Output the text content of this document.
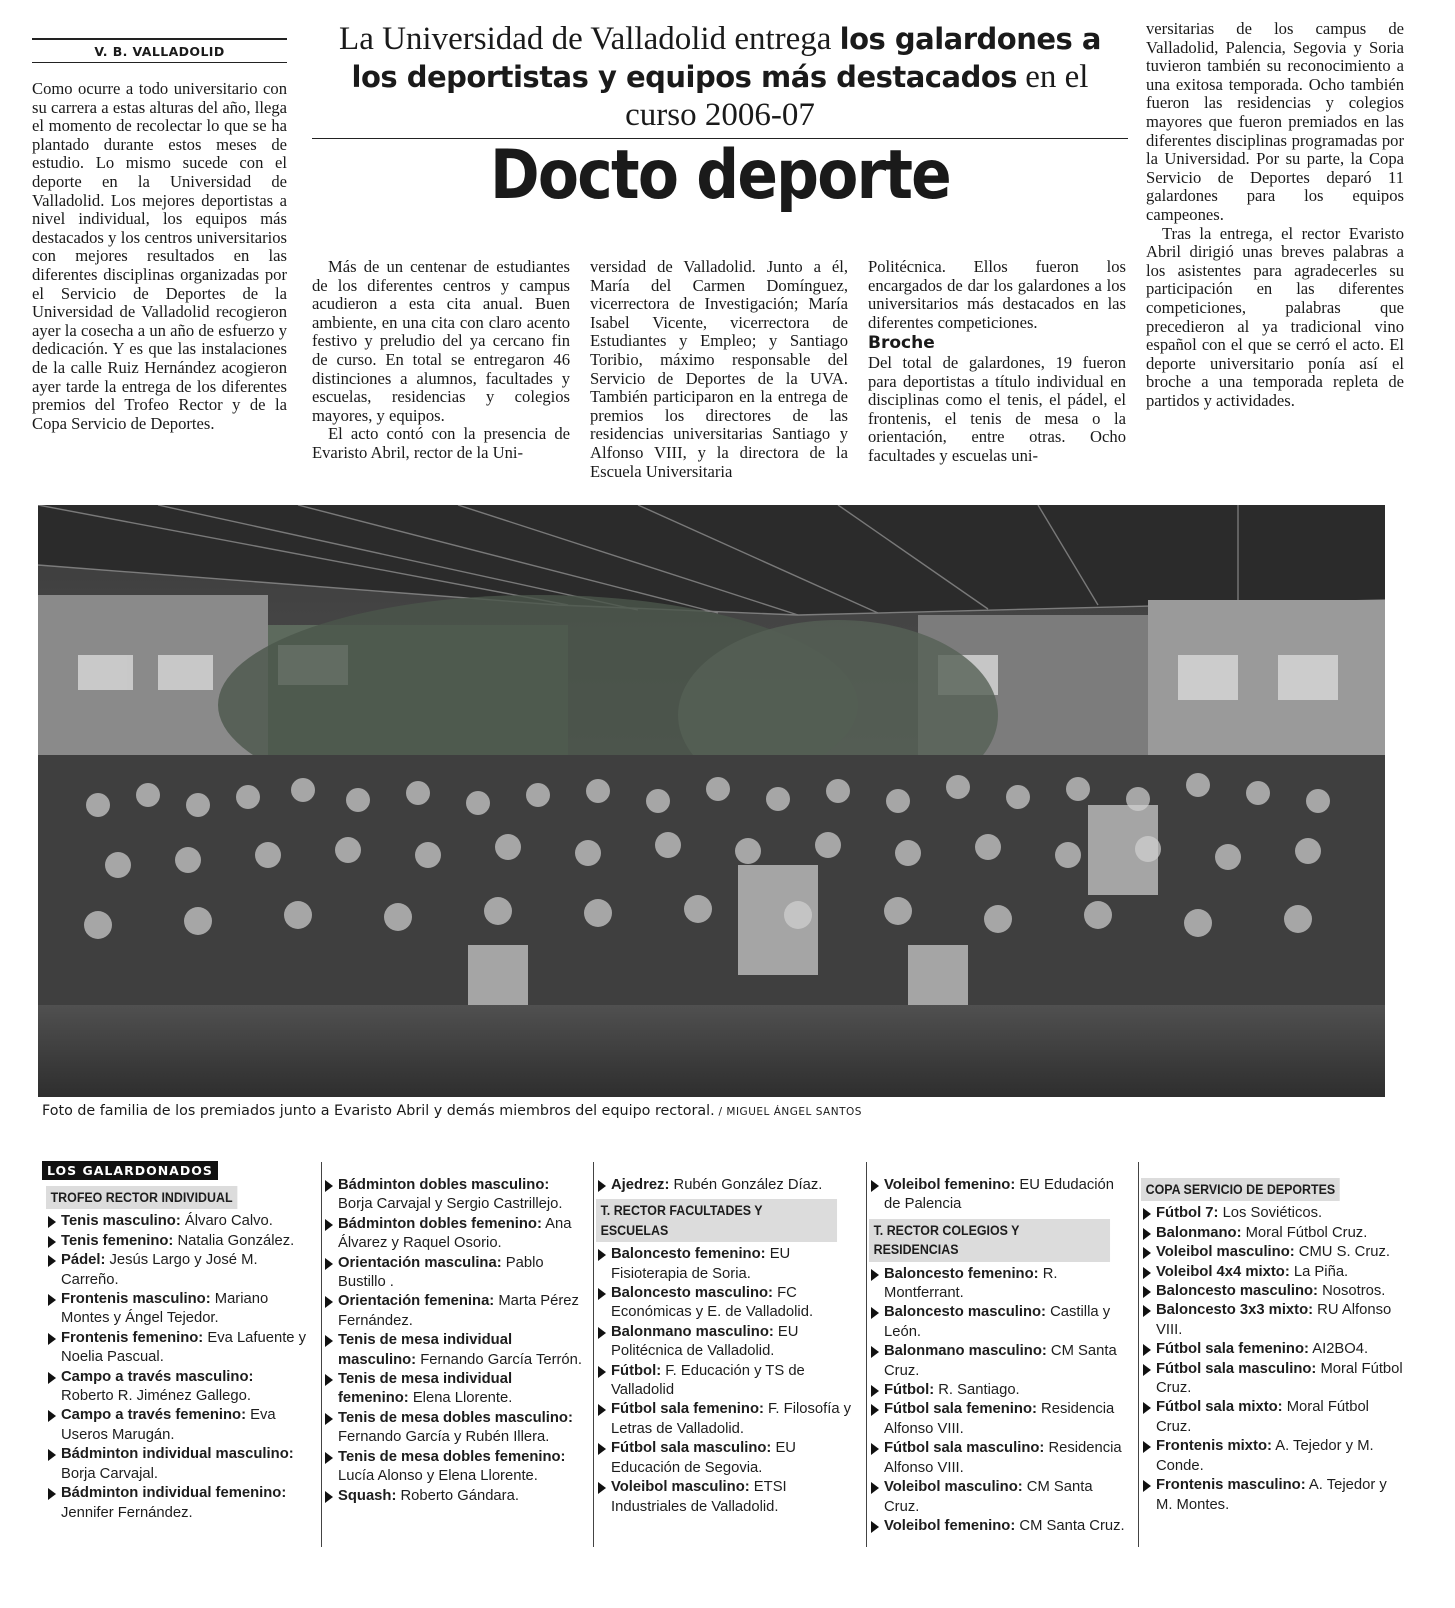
V. B. VALLADOLID	La Universidad de Valladolid entrega los galardones a los deportistas y equipos más destacados en el curso 2006-07
Docto deporte

Como ocurre a todo universitario con su carrera a estas alturas del año, llega el momento de recolectar lo que se ha plantado durante estos meses de estudio. Lo mismo sucede con el deporte en la Universidad de Valladolid. Los mejores deportistas a nivel individual, los equipos más destacados y los centros universitarios con mejores resultados en las diferentes disciplinas organizadas por el Servicio de Deportes de la Universidad de Valladolid recogieron ayer la cosecha a un año de esfuerzo y dedicación. Y es que las instalaciones de la calle Ruiz Hernández acogieron ayer tarde la entrega de los diferentes premios del Trofeo Rector y de la Copa Servicio de Deportes.

Más de un centenar de estudiantes de los diferentes centros y campus acudieron a esta cita anual. Buen ambiente, en una cita con claro acento festivo y preludio del ya cercano fin de curso. En total se entregaron 46 distinciones a alumnos, facultades y escuelas, residencias y colegios mayores, y equipos.

El acto contó con la presencia de Evaristo Abril, rector de la Uni-

versidad de Valladolid. Junto a él, María del Carmen Domínguez, vicerrectora de Investigación; María Isabel Vicente, vicerrectora de Estudiantes y Empleo; y Santiago Toribio, máximo responsable del Servicio de Deportes de la UVA. También participaron en la entrega de premios los directores de las residencias universitarias Santiago y Alfonso VIII, y la directora de la Escuela Universitaria

Politécnica. Ellos fueron los encargados de dar los galardones a los universitarios más destacados en las diferentes competiciones.

Broche

Del total de galardones, 19 fueron para deportistas a título individual en disciplinas como el tenis, el pádel, el frontenis, el tenis de mesa o la orientación, entre otras. Ocho facultades y escuelas uni-

versitarias de los campus de Valladolid, Palencia, Segovia y Soria tuvieron también su reconocimiento a una exitosa temporada. Ocho también fueron las residencias y colegios mayores que fueron premiados en las diferentes disciplinas programadas por la Universidad. Por su parte, la Copa Servicio de Deportes deparó 11 galardones para los equipos campeones.

Tras la entrega, el rector Evaristo Abril dirigió unas breves palabras a los asistentes para agradecerles su participación en las diferentes competiciones, palabras que precedieron al ya tradicional vino español con el que se cerró el acto. El deporte universitario ponía así el broche a una temporada repleta de partidos y actividades.

Foto de familia de los premiados junto a Evaristo Abril y demás miembros del equipo rectoral. / MIGUEL ÁNGEL SANTOS
LOS GALARDONADOS
TROFEO RECTOR INDIVIDUAL
Tenis masculino: Álvaro Calvo.
Tenis femenino: Natalia González.
Pádel: Jesús Largo y José M. Carreño.
Frontenis masculino: Mariano Montes y Ángel Tejedor.
Frontenis femenino: Eva Lafuente y Noelia Pascual.
Campo a través masculino: Roberto R. Jiménez Gallego.
Campo a través femenino: Eva Useros Marugán.
Bádminton individual masculino: Borja Carvajal.
Bádminton individual femenino: Jennifer Fernández.
Bádminton dobles masculino: Borja Carvajal y Sergio Castrillejo.
Bádminton dobles femenino: Ana Álvarez y Raquel Osorio.
Orientación masculina: Pablo Bustillo .
Orientación femenina: Marta Pérez Fernández.
Tenis de mesa individual masculino: Fernando García Terrón.
Tenis de mesa individual femenino: Elena Llorente.
Tenis de mesa dobles masculino: Fernando García y Rubén Illera.
Tenis de mesa dobles femenino: Lucía Alonso y Elena Llorente.
Squash: Roberto Gándara.
Ajedrez: Rubén González Díaz.
T. RECTOR FACULTADES Y ESCUELAS
Baloncesto femenino: EU Fisioterapia de Soria.
Baloncesto masculino: FC Económicas y E. de Valladolid.
Balonmano masculino: EU Politécnica de Valladolid.
Fútbol: F. Educación y TS de Valladolid
Fútbol sala femenino: F. Filosofía y Letras de Valladolid.
Fútbol sala masculino: EU Educación de Segovia.
Voleibol masculino: ETSI Industriales de Valladolid.
Voleibol femenino: EU Edudación de Palencia
T. RECTOR COLEGIOS Y RESIDENCIAS
Baloncesto femenino: R. Montferrant.
Baloncesto masculino: Castilla y León.
Balonmano masculino: CM Santa Cruz.
Fútbol: R. Santiago.
Fútbol sala femenino: Residencia Alfonso VIII.
Fútbol sala masculino: Residencia Alfonso VIII.
Voleibol masculino: CM Santa Cruz.
Voleibol femenino: CM Santa Cruz.
COPA SERVICIO DE DEPORTES
Fútbol 7: Los Soviéticos.
Balonmano: Moral Fútbol Cruz.
Voleibol masculino: CMU S. Cruz.
Voleibol 4x4 mixto: La Piña.
Baloncesto masculino: Nosotros.
Baloncesto 3x3 mixto: RU Alfonso VIII.
Fútbol sala femenino: AI2BO4.
Fútbol sala masculino: Moral Fútbol Cruz.
Fútbol sala mixto: Moral Fútbol Cruz.
Frontenis mixto: A. Tejedor y M. Conde.
Frontenis masculino: A. Tejedor y M. Montes.
